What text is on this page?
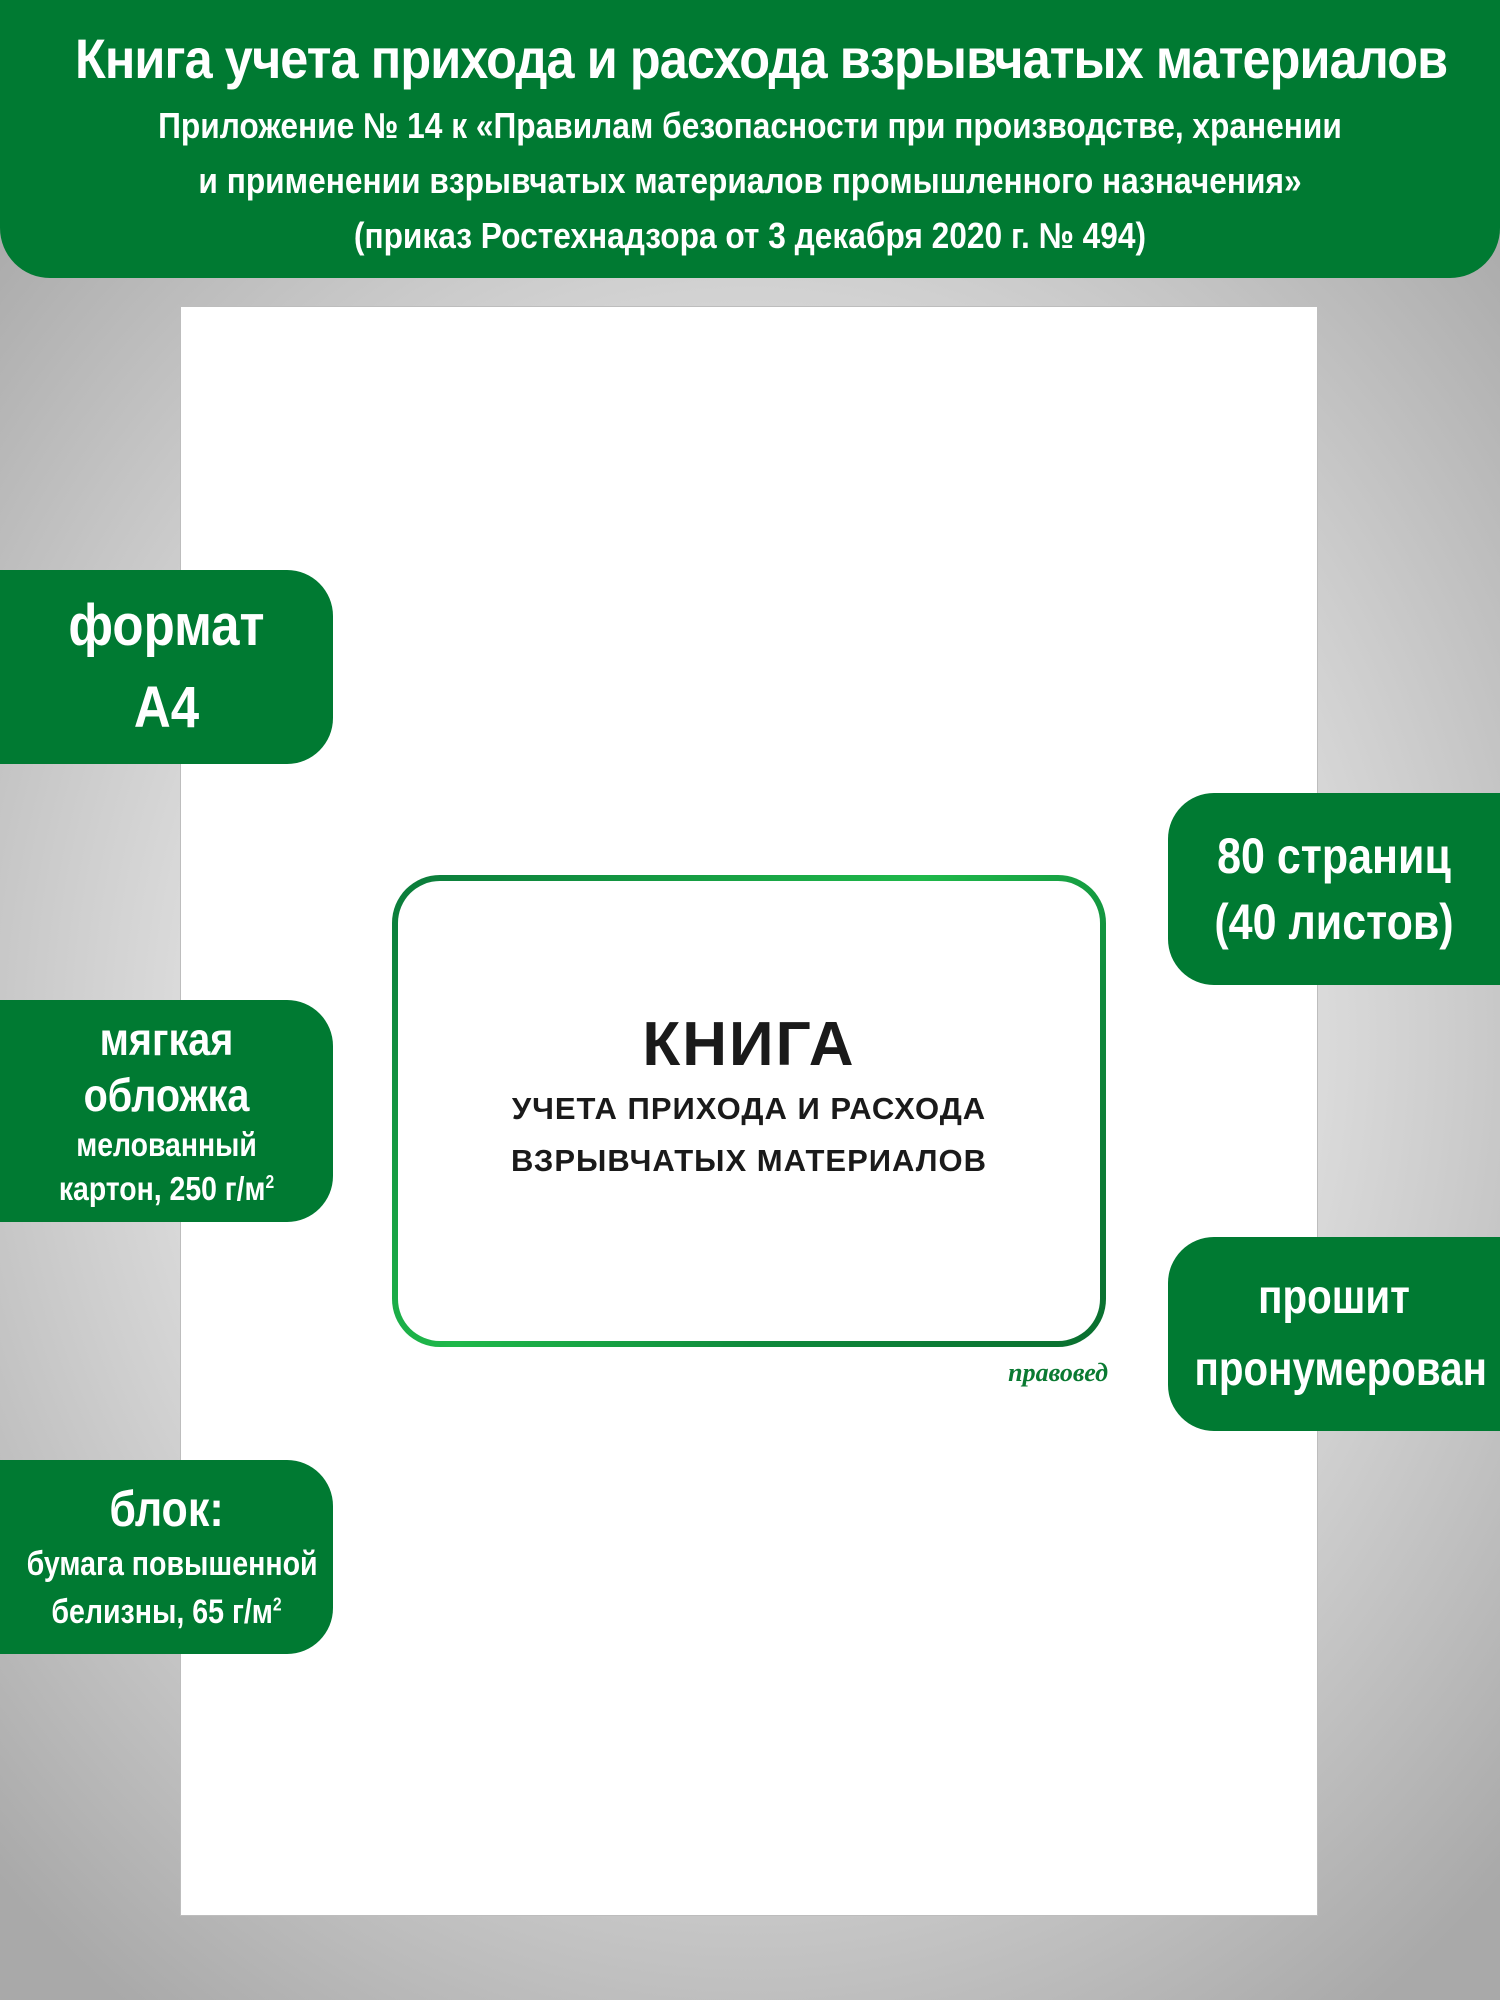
Книга учета прихода и расхода взрывчатых материалов
Приложение № 14 к «Правилам безопасности при производстве, хранении
и применении взрывчатых материалов промышленного назначения»
(приказ Ростехнадзора от 3 декабря 2020 г. № 494)
КНИГА
УЧЕТА ПРИХОДА И РАСХОДА
ВЗРЫВЧАТЫХ МАТЕРИАЛОВ
правовед
формат
А4
мягкая
обложка
мелованный
картон, 250 $г/м^2$
блок:
бумага повышенной
белизны, 65 $г/м^2$
80 страниц
(40 листов)
прошит
пронумерован
